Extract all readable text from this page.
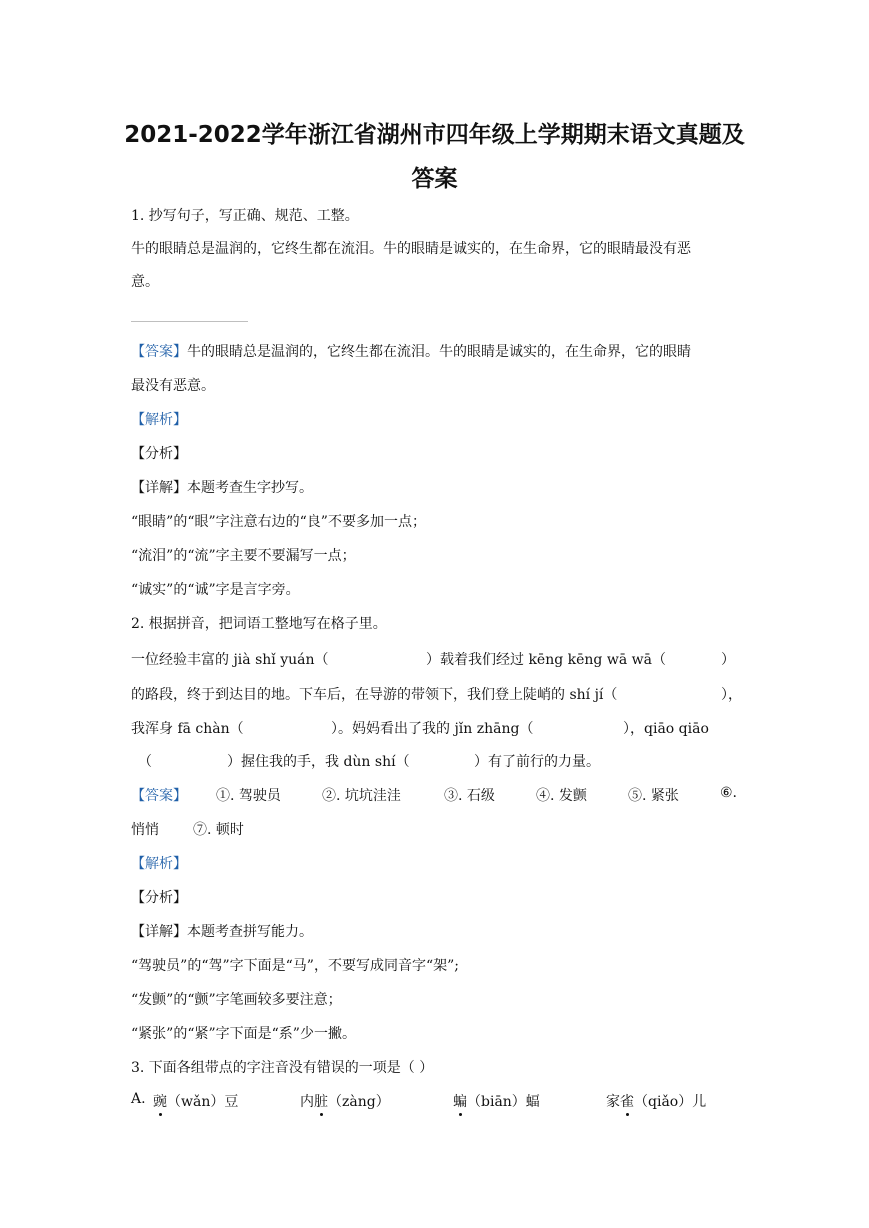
2021-2022学年浙江省湖州市四年级上学期期末语文真题及
答案
1. 抄写句子，写正确、规范、工整。
牛的眼睛总是温润的，它终生都在流泪。牛的眼睛是诚实的，在生命界，它的眼睛最没有恶
意。
【答案】牛的眼睛总是温润的，它终生都在流泪。牛的眼睛是诚实的，在生命界，它的眼睛
最没有恶意。
【解析】
【分析】
【详解】本题考查生字抄写。
“眼睛”的“眼”字注意右边的“良”不要多加一点；
“流泪”的“流”字主要不要漏写一点；
“诚实”的“诚”字是言字旁。
2. 根据拼音，把词语工整地写在格子里。
一位经验丰富的 jià shǐ yuán（	）载着我们经过 kēng kēng wā wā（	）
的路段，终于到达目的地。下车后，在导游的带领下，我们登上陡峭的 shí jí（	），
我浑身 fā chàn（	）。妈妈看出了我的 jǐn zhāng（	），qiāo qiāo
（	）握住我的手，我 dùn shí（	）有了前行的力量。
【答案】 ①. 驾驶员	②. 坑坑洼洼	③. 石级	④. 发颤	⑤. 紧张	⑥.
悄悄 ⑦. 顿时
【解析】
【分析】
【详解】本题考查拼写能力。
“驾驶员”的“驾”字下面是“马”，不要写成同音字“架”;
“发颤”的“颤”字笔画较多要注意；
“紧张”的“紧”字下面是“系”少一撇。
3. 下面各组带点的字注音没有错误的一项是（ ）
A. 豌（wǎn）豆	内脏（zàng）	蝙（biān）蝠	家雀（qiǎo）儿
